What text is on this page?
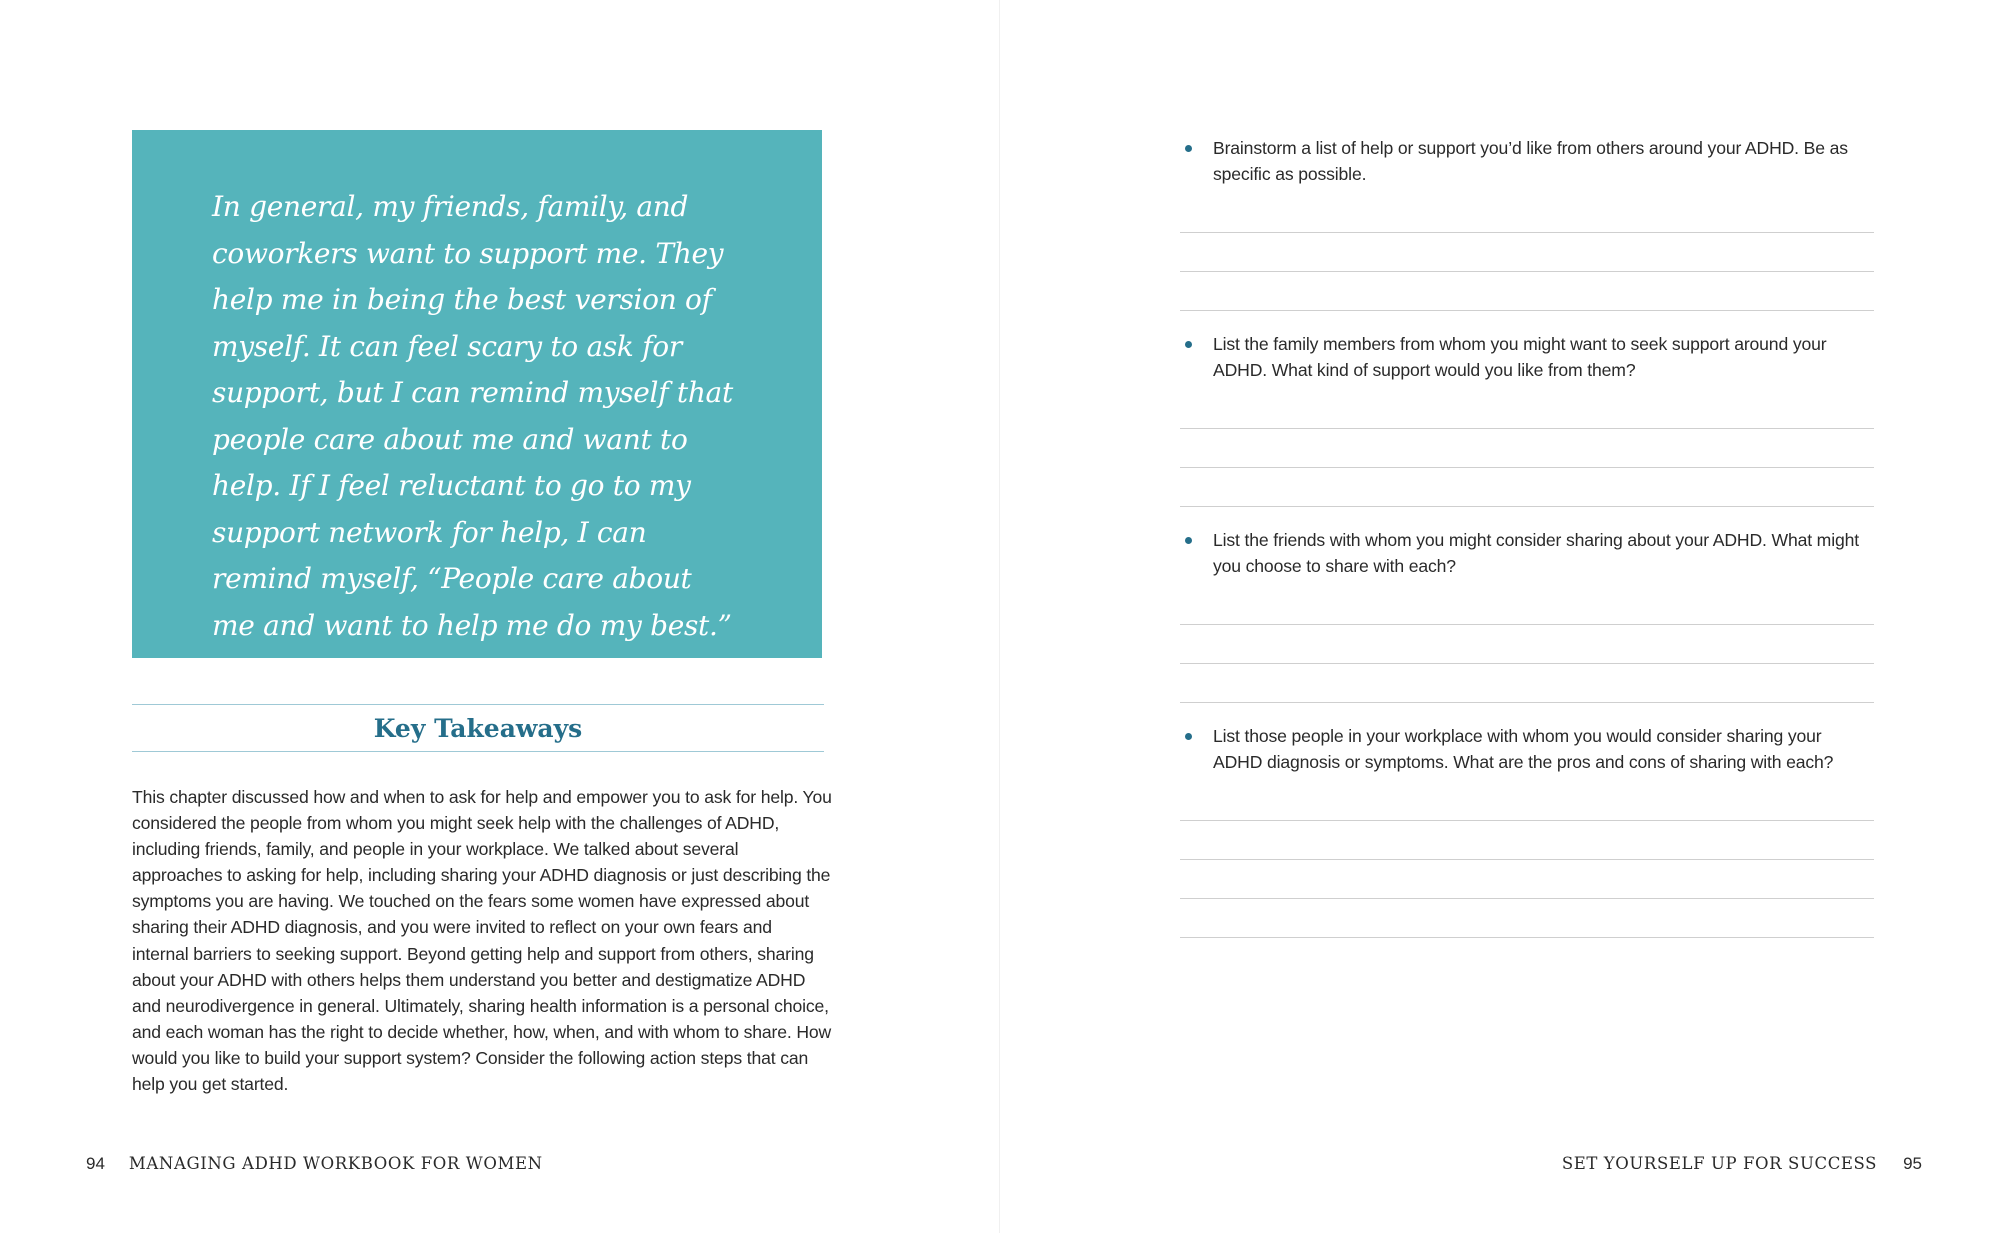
In general, my friends, family, and coworkers want to support me. They help me in being the best version of myself. It can feel scary to ask for support, but I can remind myself that people care about me and want to help. If I feel reluctant to go to my support network for help, I can remind myself, “People care about me and want to help me do my best.”

Key Takeaways

This chapter discussed how and when to ask for help and empower you to ask for help. You considered the people from whom you might seek help with the challenges of ADHD, including friends, family, and people in your workplace. We talked about several approaches to asking for help, including sharing your ADHD diagnosis or just describing the symptoms you are having. We touched on the fears some women have expressed about sharing their ADHD diagnosis, and you were invited to reflect on your own fears and internal barriers to seeking support. Beyond getting help and support from others, sharing about your ADHD with others helps them understand you better and destigmatize ADHD and neurodivergence in general. Ultimately, sharing health information is a personal choice, and each woman has the right to decide whether, how, when, and with whom to share. How would you like to build your support system? Consider the following action steps that can help you get started.

94 MANAGING ADHD WORKBOOK FOR WOMEN
Brainstorm a list of help or support you’d like from others around your ADHD. Be as specific as possible.
List the family members from whom you might want to seek support around your ADHD. What kind of support would you like from them?
List the friends with whom you might consider sharing about your ADHD. What might you choose to share with each?
List those people in your workplace with whom you would consider sharing your ADHD diagnosis or symptoms. What are the pros and cons of sharing with each?
SET YOURSELF UP FOR SUCCESS 95
